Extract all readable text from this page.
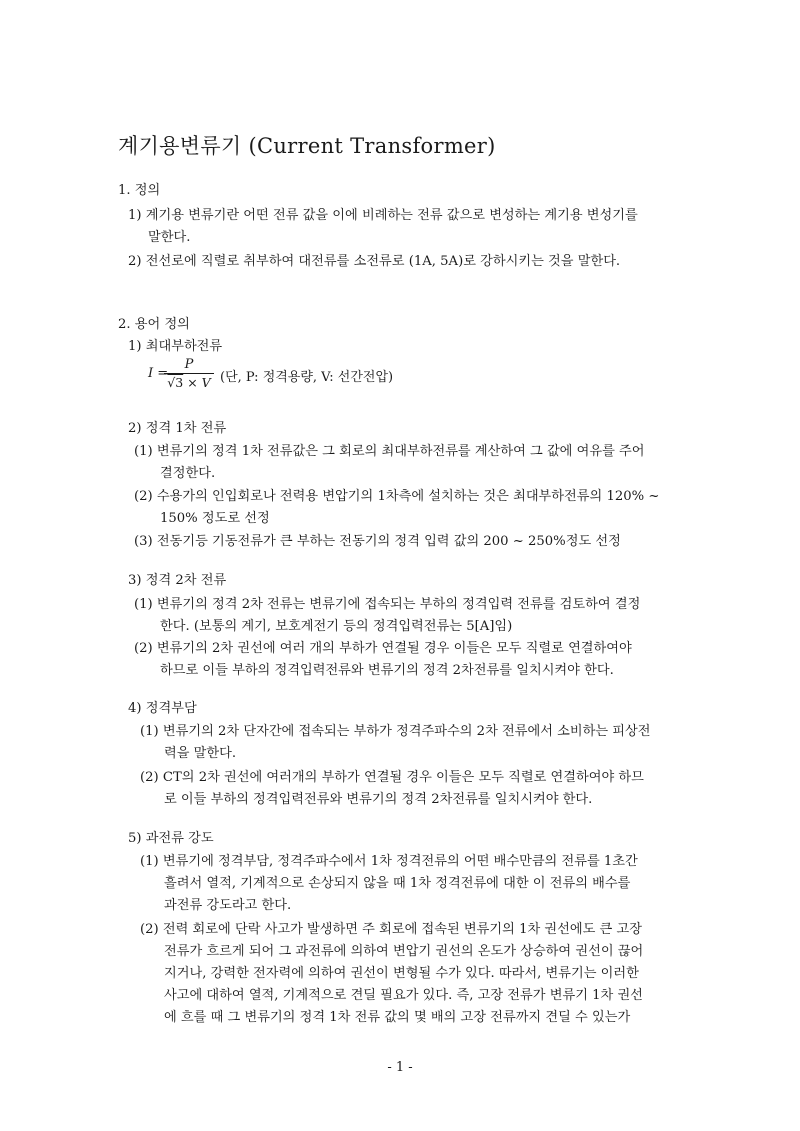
계기용변류기 (Current Transformer)
1. 정의
1) 계기용 변류기란 어떤 전류 값을 이에 비례하는 전류 값으로 변성하는 계기용 변성기를
말한다.
2) 전선로에 직렬로 취부하여 대전류를 소전류로 (1A, 5A)로 강하시키는 것을 말한다.
2. 용어 정의
1) 최대부하전류
I =
P
√3 × V (단, P: 정격용량, V: 선간전압)
2) 정격 1차 전류
(1) 변류기의 정격 1차 전류값은 그 회로의 최대부하전류를 계산하여 그 값에 여유를 주어
결정한다.
(2) 수용가의 인입회로나 전력용 변압기의 1차측에 설치하는 것은 최대부하전류의 120% ~
150% 정도로 선정
(3) 전동기등 기동전류가 큰 부하는 전동기의 정격 입력 값의 200 ~ 250%정도 선정
3) 정격 2차 전류
(1) 변류기의 정격 2차 전류는 변류기에 접속되는 부하의 정격입력 전류를 검토하여 결정
한다. (보통의 계기, 보호계전기 등의 정격입력전류는 5[A]임)
(2) 변류기의 2차 권선에 여러 개의 부하가 연결될 경우 이들은 모두 직렬로 연결하여야
하므로 이들 부하의 정격입력전류와 변류기의 정격 2차전류를 일치시켜야 한다.
4) 정격부담
(1) 변류기의 2차 단자간에 접속되는 부하가 정격주파수의 2차 전류에서 소비하는 피상전
력을 말한다.
(2) CT의 2차 권선에 여러개의 부하가 연결될 경우 이들은 모두 직렬로 연결하여야 하므
로 이들 부하의 정격입력전류와 변류기의 정격 2차전류를 일치시켜야 한다.
5) 과전류 강도
(1) 변류기에 정격부담, 정격주파수에서 1차 정격전류의 어떤 배수만큼의 전류를 1초간
흘려서 열적, 기계적으로 손상되지 않을 때 1차 정격전류에 대한 이 전류의 배수를
과전류 강도라고 한다.
(2) 전력 회로에 단락 사고가 발생하면 주 회로에 접속된 변류기의 1차 권선에도 큰 고장
전류가 흐르게 되어 그 과전류에 의하여 변압기 권선의 온도가 상승하여 권선이 끊어
지거나, 강력한 전자력에 의하여 권선이 변형될 수가 있다. 따라서, 변류기는 이러한
사고에 대하여 열적, 기계적으로 견딜 필요가 있다. 즉, 고장 전류가 변류기 1차 권선
에 흐를 때 그 변류기의 정격 1차 전류 값의 몇 배의 고장 전류까지 견딜 수 있는가
- 1 -
